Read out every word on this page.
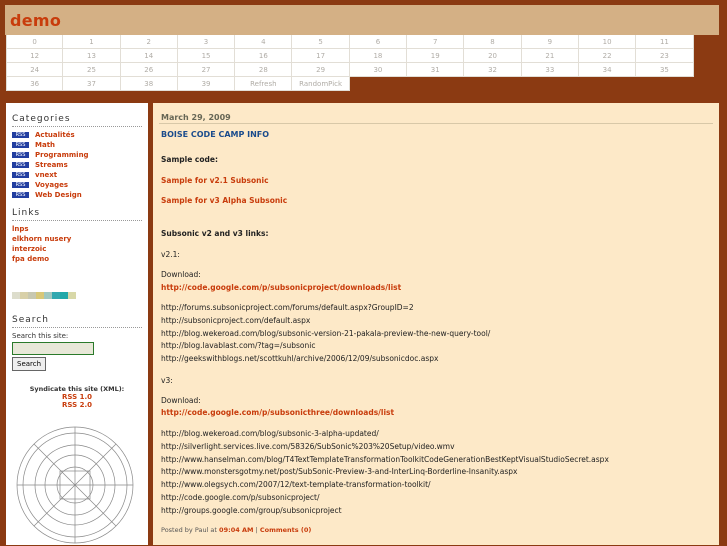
demo
0	1	2	3	4	5	6	7	8	9	10	11
12	13	14	15	16	17	18	19	20	21	22	23
24	25	26	27	28	29	30	31	32	33	34	35
36	37	38	39	Refresh	RandomPick
Categories
RSS	Actualités
RSS	Math
RSS	Programming
RSS	Streams
RSS	vnext
RSS	Voyages
RSS	Web Design
Links
lnps
elkhorn nusery
interzoic
fpa demo
Search
Search this site:
Search
Syndicate this site (XML):
RSS 1.0
RSS 2.0
March 29, 2009
BOISE CODE CAMP INFO
Sample code:
Sample for v2.1 Subsonic
Sample for v3 Alpha Subsonic
Subsonic v2 and v3 links:
v2.1:
Download:
http://code.google.com/p/subsonicproject/downloads/list
http://forums.subsonicproject.com/forums/default.aspx?GroupID=2
http://subsonicproject.com/default.aspx
http://blog.wekeroad.com/blog/subsonic-version-21-pakala-preview-the-new-query-tool/
http://blog.lavablast.com/?tag=/subsonic
http://geekswithblogs.net/scottkuhl/archive/2006/12/09/subsonicdoc.aspx
v3:
Download:
http://code.google.com/p/subsonicthree/downloads/list
http://blog.wekeroad.com/blog/subsonic-3-alpha-updated/
http://silverlight.services.live.com/58326/SubSonic%203%20Setup/video.wmv
http://www.hanselman.com/blog/T4TextTemplateTransformationToolkitCodeGenerationBestKeptVisualStudioSecret.aspx
http://www.monstersgotmy.net/post/SubSonic-Preview-3-and-InterLinq-Borderline-Insanity.aspx
http://www.olegsych.com/2007/12/text-template-transformation-toolkit/
http://code.google.com/p/subsonicproject/
http://groups.google.com/group/subsonicproject
Posted by Paul at 09:04 AM | Comments (0)
